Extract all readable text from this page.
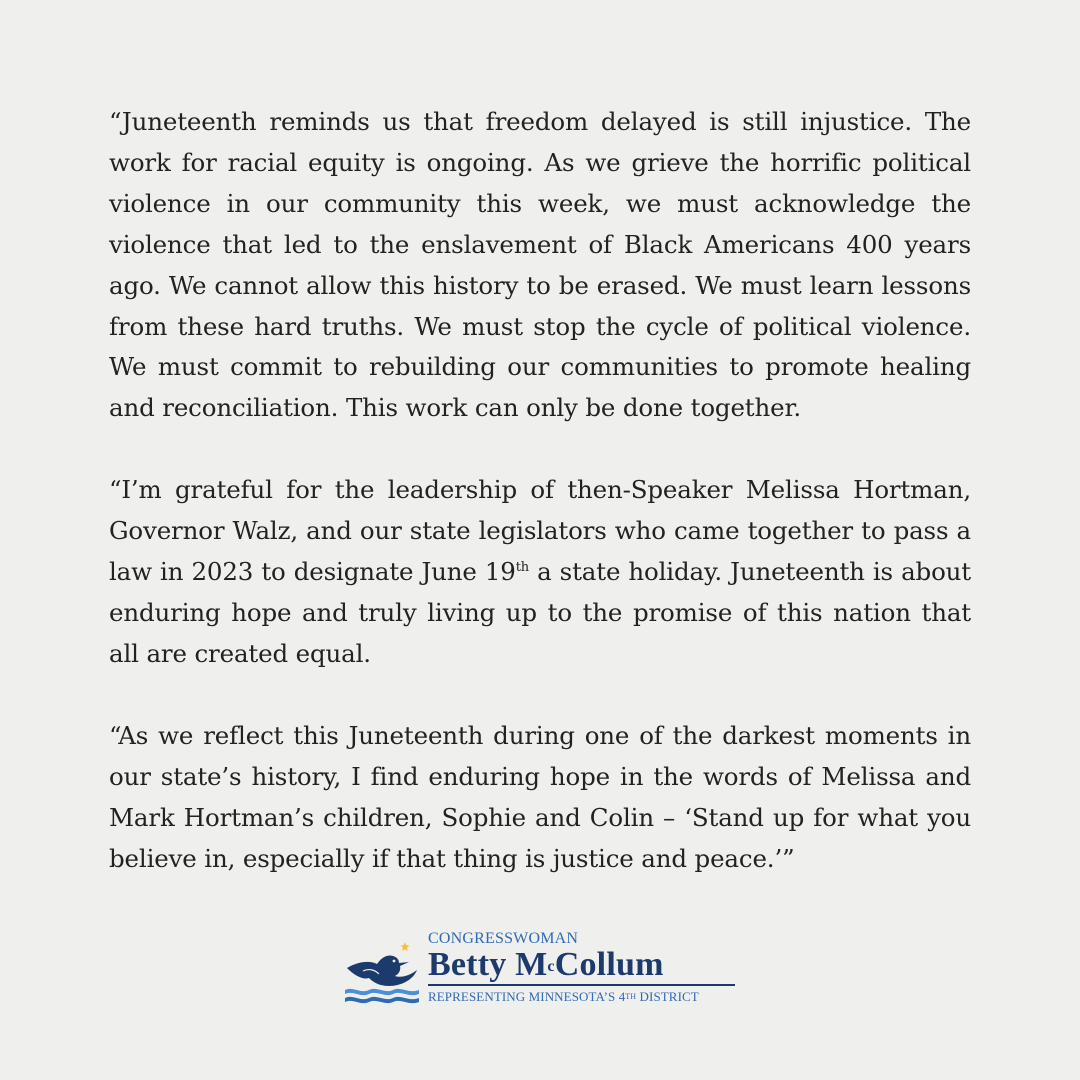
“Juneteenth reminds us that freedom delayed is still injustice. The work for racial equity is ongoing. As we grieve the horrific political violence in our community this week, we must acknowledge the violence that led to the enslavement of Black Americans 400 years ago. We cannot allow this history to be erased. We must learn lessons from these hard truths. We must stop the cycle of political violence. We must commit to rebuilding our communities to promote healing and reconciliation. This work can only be done together.

“I’m grateful for the leadership of then-Speaker Melissa Hortman, Governor Walz, and our state legislators who came together to pass a law in 2023 to designate June 19th a state holiday. Juneteenth is about enduring hope and truly living up to the promise of this nation that all are created equal.

“As we reflect this Juneteenth during one of the darkest moments in our state’s history, I find enduring hope in the words of Melissa and Mark Hortman’s children, Sophie and Colin – ‘Stand up for what you believe in, especially if that thing is justice and peace.’”

CONGRESSWOMAN
Betty $M^cCollum$
REPRESENTING MINNESOTA’S 4TH DISTRICT
